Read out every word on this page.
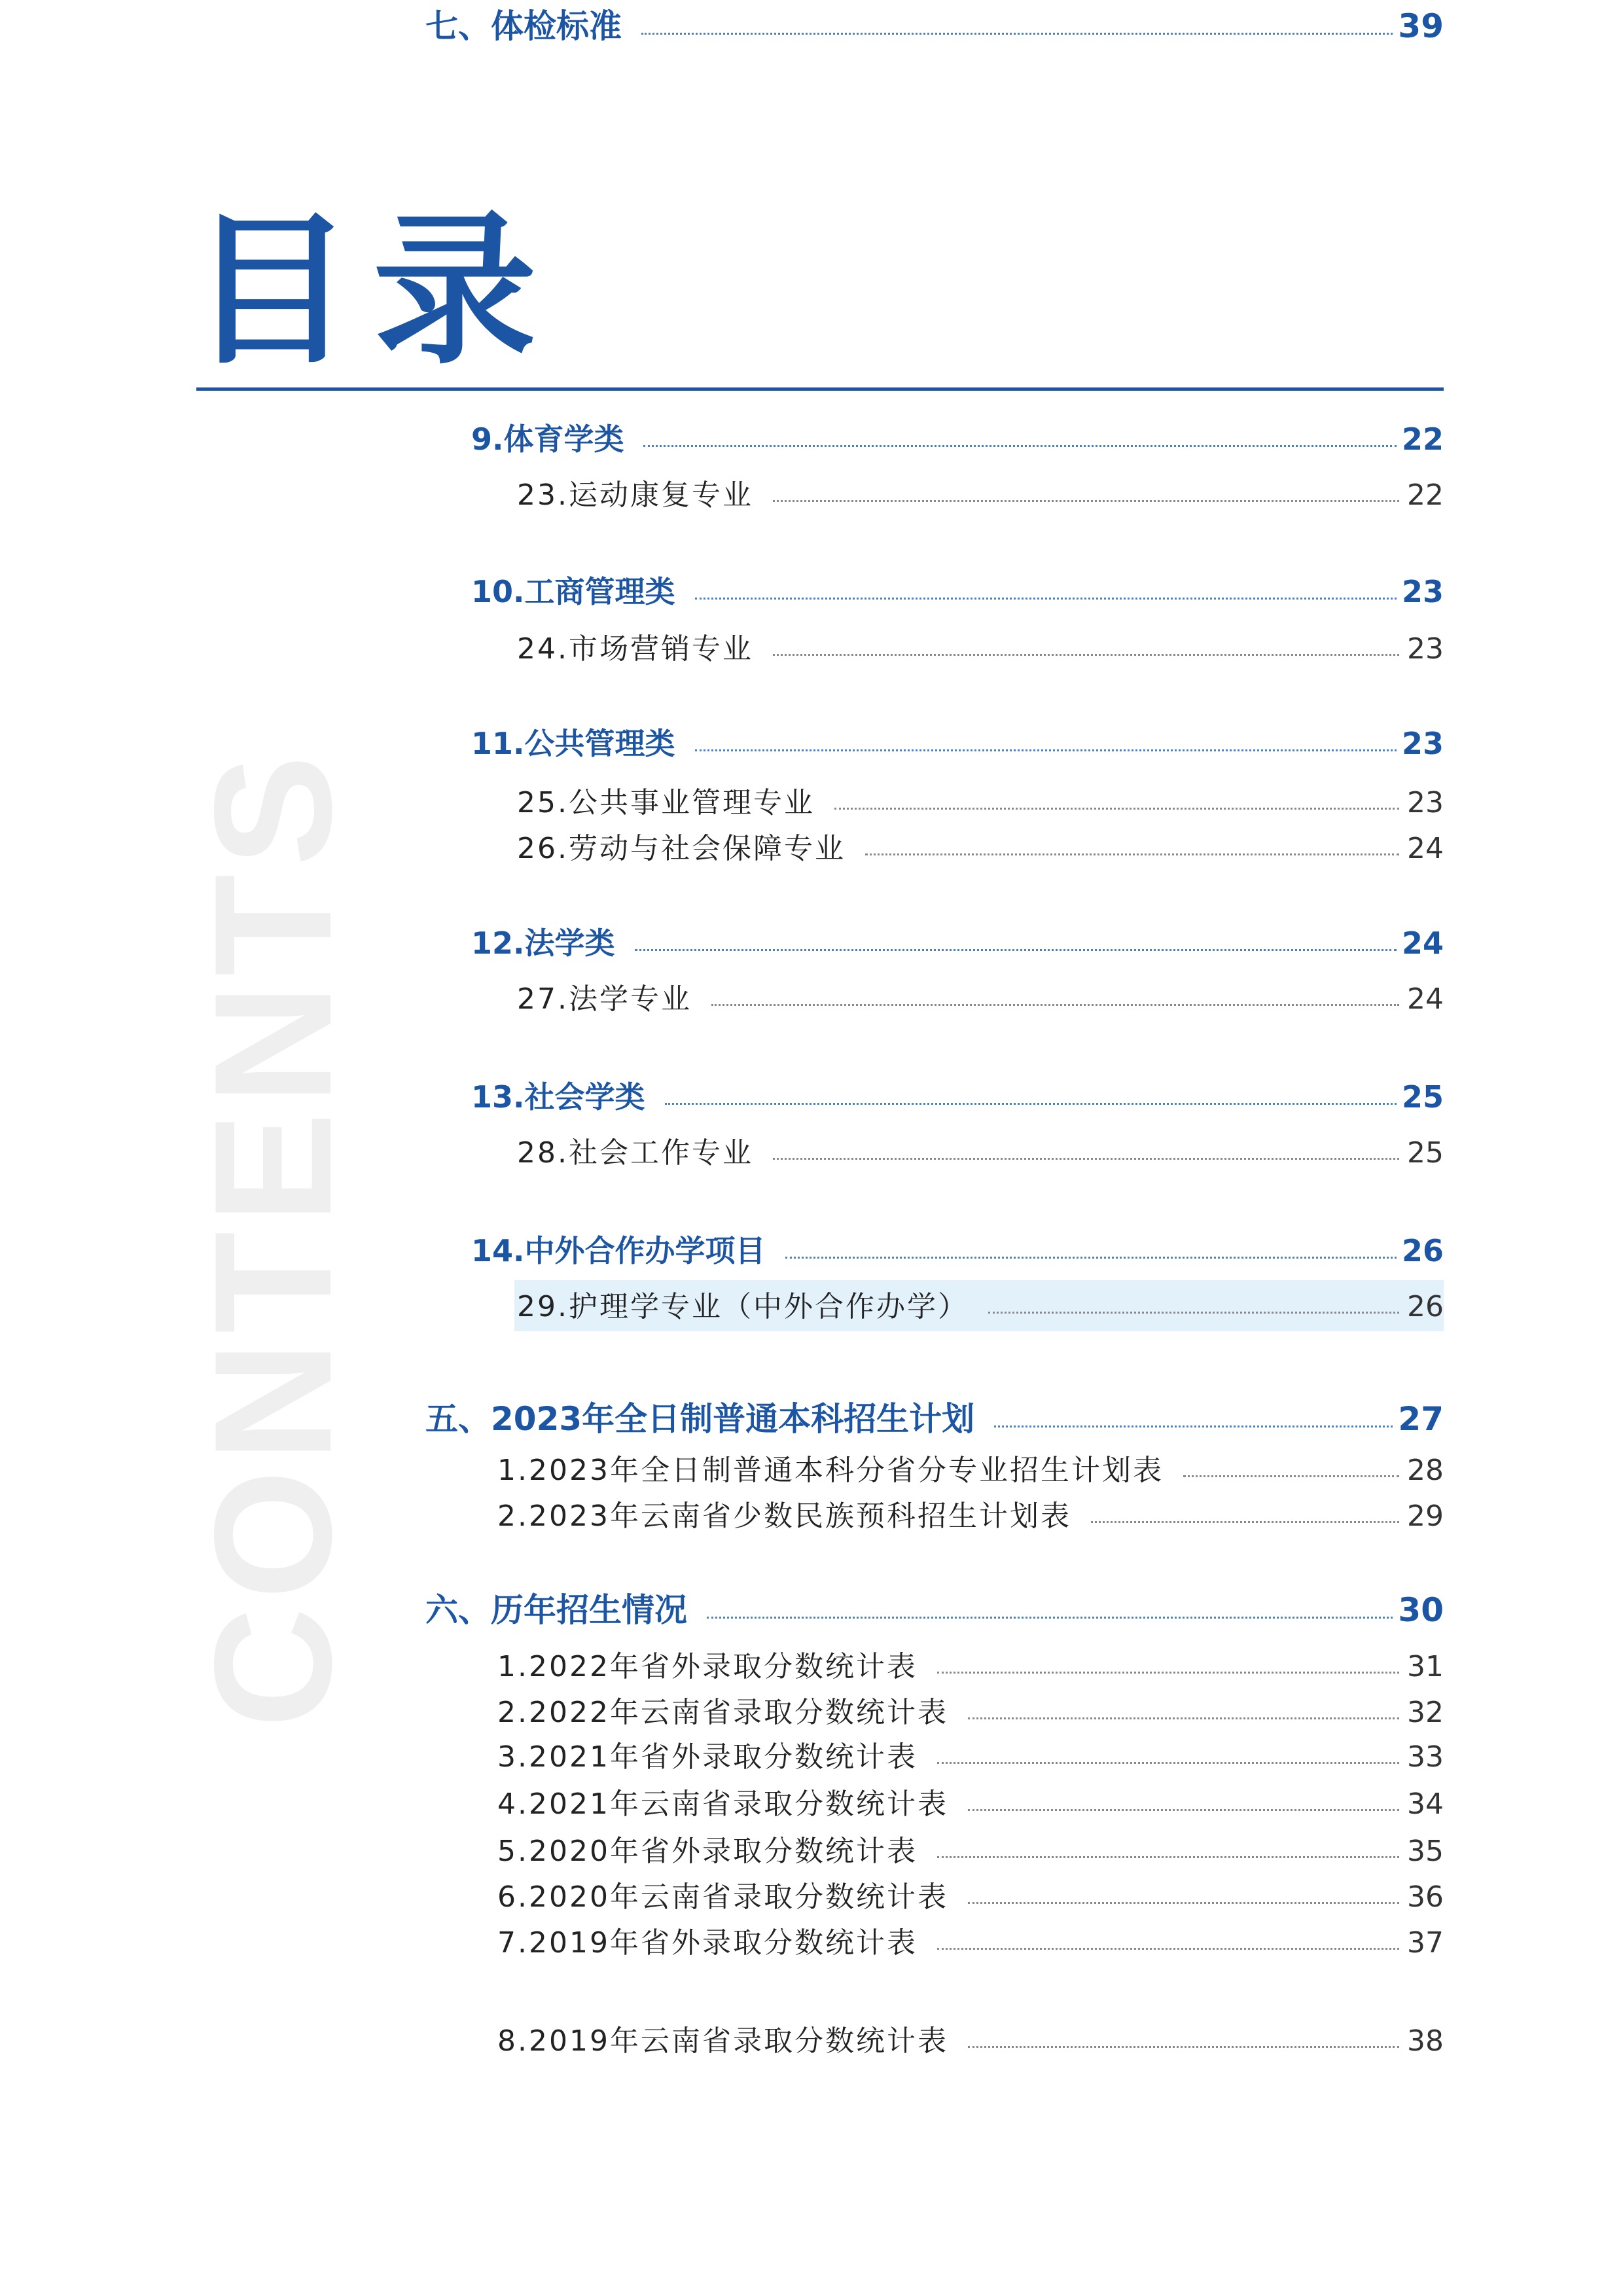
目录
CONTENTS
9.体育学类	22
23.运动康复专业	22
10.工商管理类	23
24.市场营销专业	23
11.公共管理类	23
25.公共事业管理专业	23
26.劳动与社会保障专业	24
12.法学类	24
27.法学专业	24
13.社会学类	25
28.社会工作专业	25
14.中外合作办学项目	26
29.护理学专业（中外合作办学）	26
五、2023年全日制普通本科招生计划	27
1.2023年全日制普通本科分省分专业招生计划表	28
2.2023年云南省少数民族预科招生计划表	29
六、历年招生情况	30
1.2022年省外录取分数统计表	31
2.2022年云南省录取分数统计表	32
3.2021年省外录取分数统计表	33
4.2021年云南省录取分数统计表	34
5.2020年省外录取分数统计表	35
6.2020年云南省录取分数统计表	36
7.2019年省外录取分数统计表	37
8.2019年云南省录取分数统计表	38
七、体检标准	39
